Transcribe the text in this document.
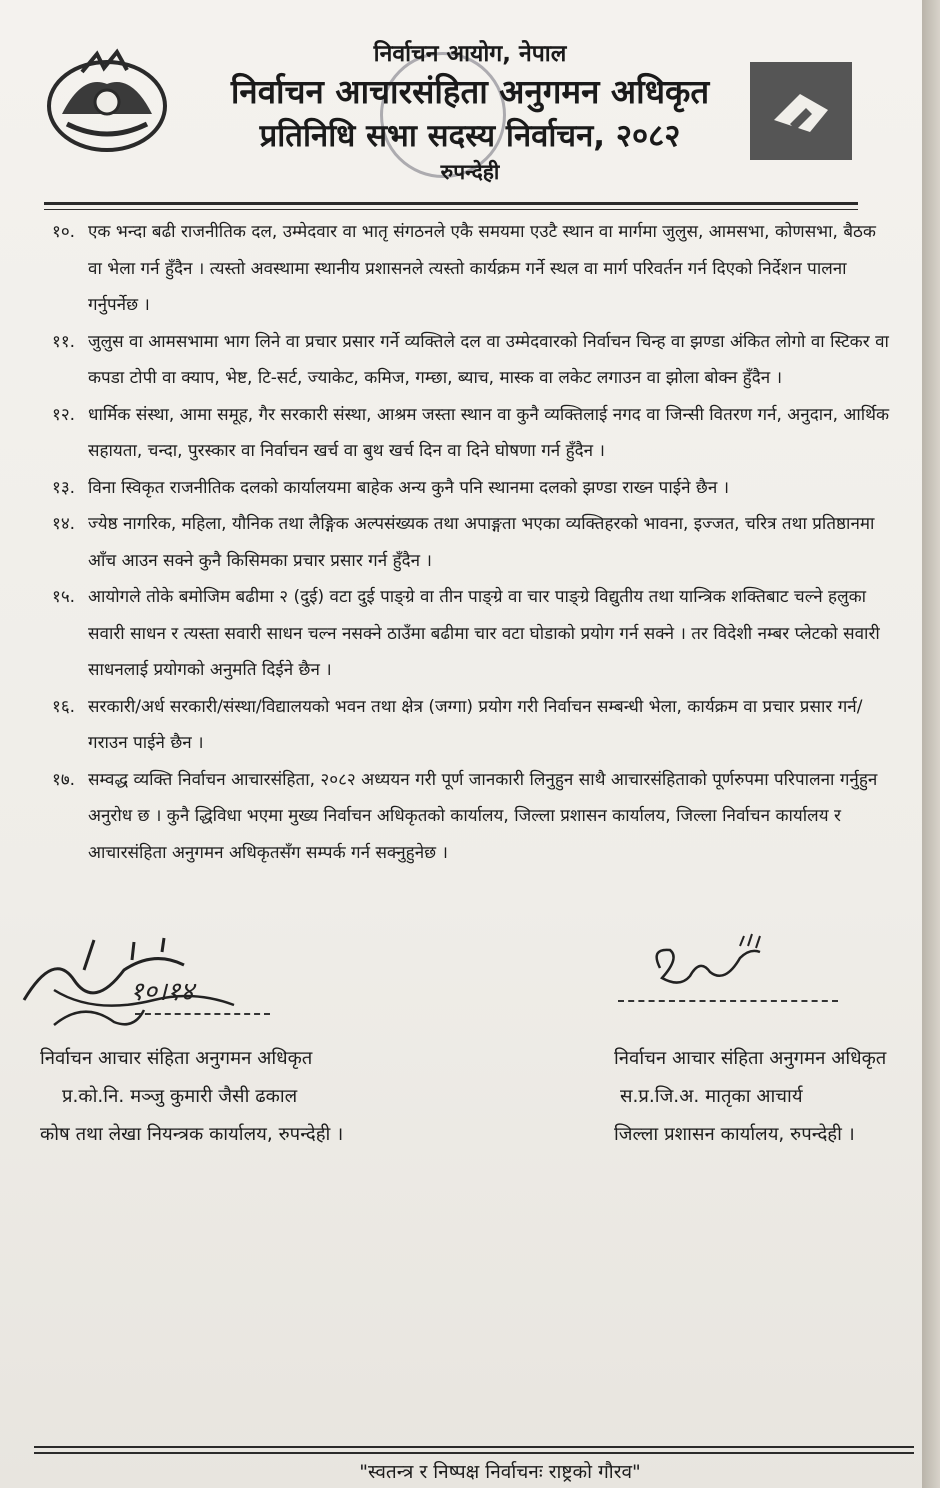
निर्वाचन आयोग, नेपाल
निर्वाचन आचारसंहिता अनुगमन अधिकृत
प्रतिनिधि सभा सदस्य निर्वाचन, २०८२
रुपन्देही
१०. एक भन्दा बढी राजनीतिक दल, उम्मेदवार वा भातृ संगठनले एकै समयमा एउटै स्थान वा मार्गमा जुलुस, आमसभा, कोणसभा, बैठक वा भेला गर्न हुँदैन । त्यस्तो अवस्थामा स्थानीय प्रशासनले त्यस्तो कार्यक्रम गर्ने स्थल वा मार्ग परिवर्तन गर्न दिएको निर्देशन पालना गर्नुपर्नेछ ।
११. जुलुस वा आमसभामा भाग लिने वा प्रचार प्रसार गर्ने व्यक्तिले दल वा उम्मेदवारको निर्वाचन चिन्ह वा झण्डा अंकित लोगो वा स्टिकर वा कपडा टोपी वा क्याप, भेष्ट, टि-सर्ट, ज्याकेट, कमिज, गम्छा, ब्याच, मास्क वा लकेट लगाउन वा झोला बोक्न हुँदैन ।
१२. धार्मिक संस्था, आमा समूह, गैर सरकारी संस्था, आश्रम जस्ता स्थान वा कुनै व्यक्तिलाई नगद वा जिन्सी वितरण गर्न, अनुदान, आर्थिक सहायता, चन्दा, पुरस्कार वा निर्वाचन खर्च वा बुथ खर्च दिन वा दिने घोषणा गर्न हुँदैन ।
१३. विना स्विकृत राजनीतिक दलको कार्यालयमा बाहेक अन्य कुनै पनि स्थानमा दलको झण्डा राख्न पाईने छैन ।
१४. ज्येष्ठ नागरिक, महिला, यौनिक तथा लैङ्गिक अल्पसंख्यक तथा अपाङ्गता भएका व्यक्तिहरको भावना, इज्जत, चरित्र तथा प्रतिष्ठानमा आँच आउन सक्ने कुनै किसिमका प्रचार प्रसार गर्न हुँदैन ।
१५. आयोगले तोके बमोजिम बढीमा २ (दुई) वटा दुई पाङ्ग्रे वा तीन पाङ्ग्रे वा चार पाङ्ग्रे विद्युतीय तथा यान्त्रिक शक्तिबाट चल्ने हलुका सवारी साधन र त्यस्ता सवारी साधन चल्न नसक्ने ठाउँमा बढीमा चार वटा घोडाको प्रयोग गर्न सक्ने । तर विदेशी नम्बर प्लेटको सवारी साधनलाई प्रयोगको अनुमति दिईने छैन ।
१६. सरकारी/अर्ध सरकारी/संस्था/विद्यालयको भवन तथा क्षेत्र (जग्गा) प्रयोग गरी निर्वाचन सम्बन्धी भेला, कार्यक्रम वा प्रचार प्रसार गर्न/गराउन पाईने छैन ।
१७. सम्वद्ध व्यक्ति निर्वाचन आचारसंहिता, २०८२ अध्ययन गरी पूर्ण जानकारी लिनुहुन साथै आचारसंहिताको पूर्णरुपमा परिपालना गर्नुहुन अनुरोध छ । कुनै द्धिविधा भएमा मुख्य निर्वाचन अधिकृतको कार्यालय, जिल्ला प्रशासन कार्यालय, जिल्ला निर्वाचन कार्यालय र आचारसंहिता अनुगमन अधिकृतसँग सम्पर्क गर्न सक्नुहुनेछ ।
१०।१४
निर्वाचन आचार संहिता अनुगमन अधिकृत
प्र.को.नि. मञ्जु कुमारी जैसी ढकाल
कोष तथा लेखा नियन्त्रक कार्यालय, रुपन्देही ।
निर्वाचन आचार संहिता अनुगमन अधिकृत
स.प्र.जि.अ. मातृका आचार्य
जिल्ला प्रशासन कार्यालय, रुपन्देही ।
"स्वतन्त्र र निष्पक्ष निर्वाचनः राष्ट्रको गौरव"
